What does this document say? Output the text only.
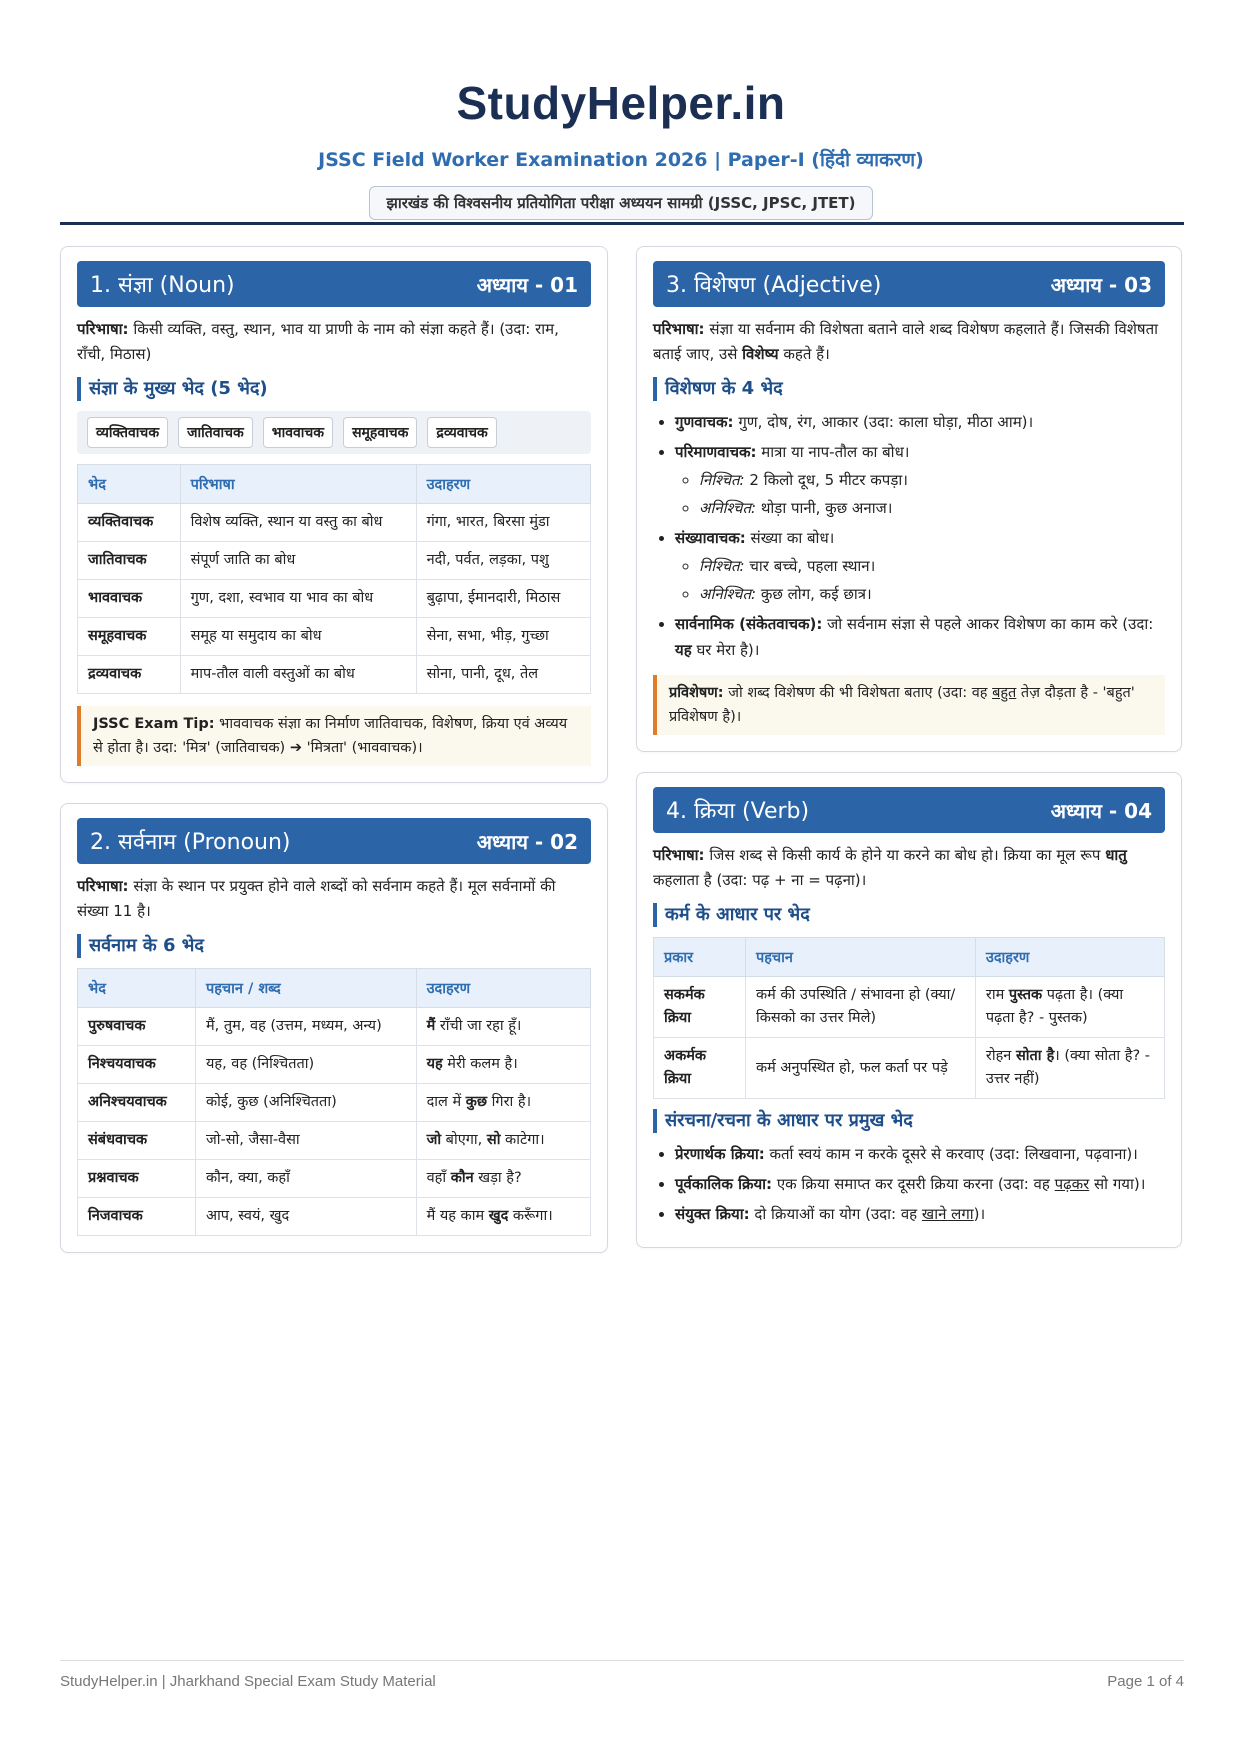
StudyHelper.in
JSSC Field Worker Examination 2026 | Paper-I (हिंदी व्याकरण)
झारखंड की विश्वसनीय प्रतियोगिता परीक्षा अध्ययन सामग्री (JSSC, JPSC, JTET)
1. संज्ञा (Noun)	अध्याय - 01
परिभाषा: किसी व्यक्ति, वस्तु, स्थान, भाव या प्राणी के नाम को संज्ञा कहते हैं। (उदा: राम, राँची, मिठास)
संज्ञा के मुख्य भेद (5 भेद)
व्यक्तिवाचक	जातिवाचक	भाववाचक	समूहवाचक	द्रव्यवाचक
भेद	परिभाषा	उदाहरण
व्यक्तिवाचक	विशेष व्यक्ति, स्थान या वस्तु का बोध	गंगा, भारत, बिरसा मुंडा
जातिवाचक	संपूर्ण जाति का बोध	नदी, पर्वत, लड़का, पशु
भाववाचक	गुण, दशा, स्वभाव या भाव का बोध	बुढ़ापा, ईमानदारी, मिठास
समूहवाचक	समूह या समुदाय का बोध	सेना, सभा, भीड़, गुच्छा
द्रव्यवाचक	माप-तौल वाली वस्तुओं का बोध	सोना, पानी, दूध, तेल
JSSC Exam Tip: भाववाचक संज्ञा का निर्माण जातिवाचक, विशेषण, क्रिया एवं अव्यय से होता है। उदा: 'मित्र' (जातिवाचक) ➔ 'मित्रता' (भाववाचक)।
2. सर्वनाम (Pronoun)	अध्याय - 02
परिभाषा: संज्ञा के स्थान पर प्रयुक्त होने वाले शब्दों को सर्वनाम कहते हैं। मूल सर्वनामों की संख्या 11 है।
सर्वनाम के 6 भेद
भेद	पहचान / शब्द	उदाहरण
पुरुषवाचक	मैं, तुम, वह (उत्तम, मध्यम, अन्य)	मैं राँची जा रहा हूँ।
निश्चयवाचक	यह, वह (निश्चितता)	यह मेरी कलम है।
अनिश्चयवाचक	कोई, कुछ (अनिश्चितता)	दाल में कुछ गिरा है।
संबंधवाचक	जो-सो, जैसा-वैसा	जो बोएगा, सो काटेगा।
प्रश्नवाचक	कौन, क्या, कहाँ	वहाँ कौन खड़ा है?
निजवाचक	आप, स्वयं, खुद	मैं यह काम खुद करूँगा।
3. विशेषण (Adjective)	अध्याय - 03
परिभाषा: संज्ञा या सर्वनाम की विशेषता बताने वाले शब्द विशेषण कहलाते हैं। जिसकी विशेषता बताई जाए, उसे विशेष्य कहते हैं।
विशेषण के 4 भेद
• गुणवाचक: गुण, दोष, रंग, आकार (उदा: काला घोड़ा, मीठा आम)।
• परिमाणवाचक: मात्रा या नाप-तौल का बोध।
◦ निश्चित: 2 किलो दूध, 5 मीटर कपड़ा।
◦ अनिश्चित: थोड़ा पानी, कुछ अनाज।
• संख्यावाचक: संख्या का बोध।
◦ निश्चित: चार बच्चे, पहला स्थान।
◦ अनिश्चित: कुछ लोग, कई छात्र।
• सार्वनामिक (संकेतवाचक): जो सर्वनाम संज्ञा से पहले आकर विशेषण का काम करे (उदा: यह घर मेरा है)।
प्रविशेषण: जो शब्द विशेषण की भी विशेषता बताए (उदा: वह बहुत तेज़ दौड़ता है - 'बहुत' प्रविशेषण है)।
4. क्रिया (Verb)	अध्याय - 04
परिभाषा: जिस शब्द से किसी कार्य के होने या करने का बोध हो। क्रिया का मूल रूप धातु कहलाता है (उदा: पढ़ + ना = पढ़ना)।
कर्म के आधार पर भेद
प्रकार	पहचान	उदाहरण
सकर्मक क्रिया	कर्म की उपस्थिति / संभावना हो (क्या/किसको का उत्तर मिले)	राम पुस्तक पढ़ता है। (क्या पढ़ता है? - पुस्तक)
अकर्मक क्रिया	कर्म अनुपस्थित हो, फल कर्ता पर पड़े	रोहन सोता है। (क्या सोता है? - उत्तर नहीं)
संरचना/रचना के आधार पर प्रमुख भेद
• प्रेरणार्थक क्रिया: कर्ता स्वयं काम न करके दूसरे से करवाए (उदा: लिखवाना, पढ़वाना)।
• पूर्वकालिक क्रिया: एक क्रिया समाप्त कर दूसरी क्रिया करना (उदा: वह पढ़कर सो गया)।
• संयुक्त क्रिया: दो क्रियाओं का योग (उदा: वह खाने लगा)।
StudyHelper.in | Jharkhand Special Exam Study Material	Page 1 of 4
